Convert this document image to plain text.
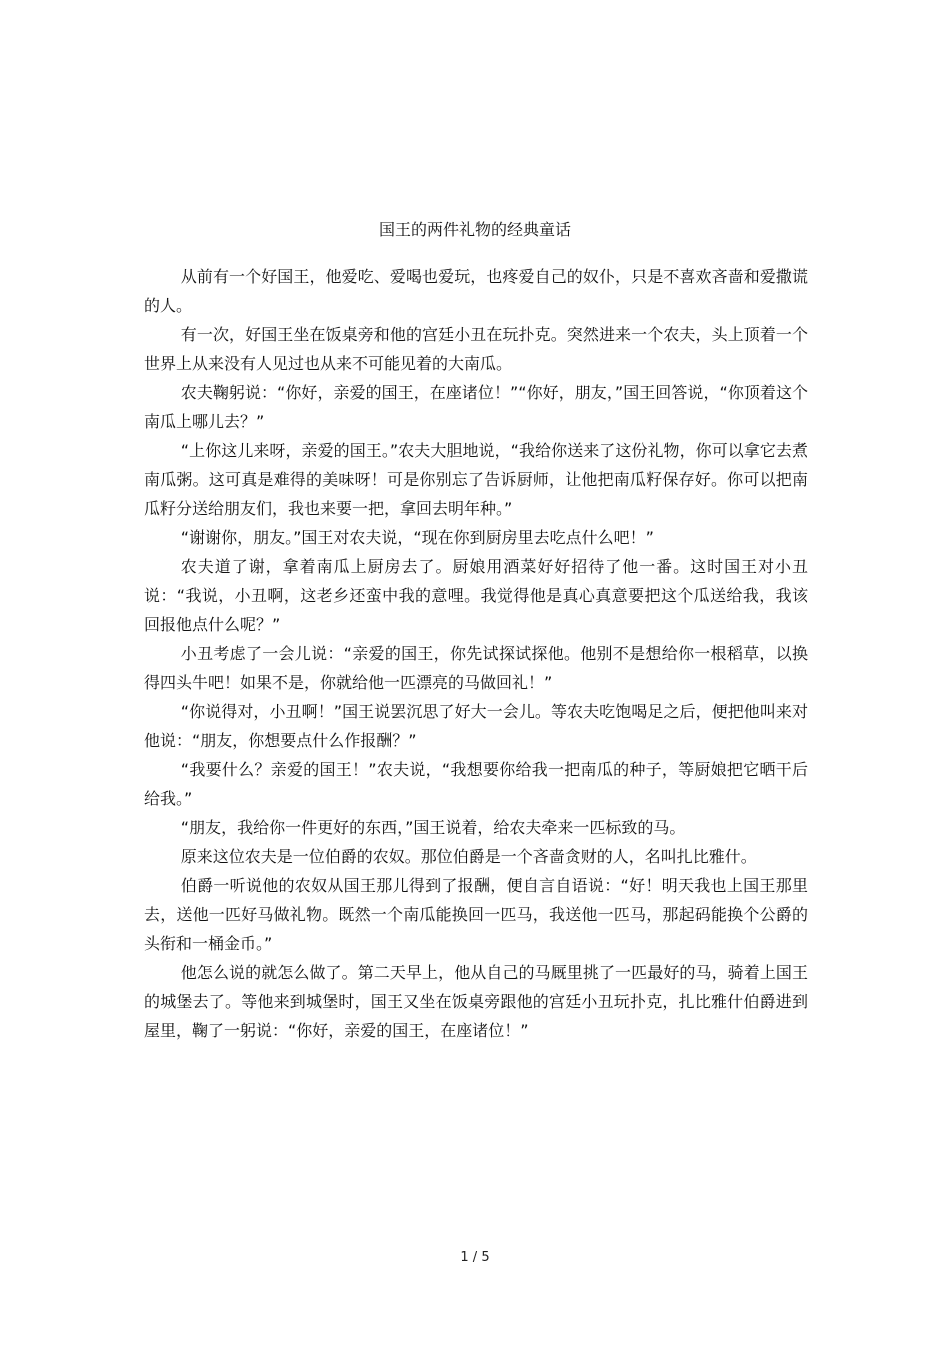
国王的两件礼物的经典童话

从前有一个好国王，他爱吃、爱喝也爱玩，也疼爱自己的奴仆，只是不喜欢吝啬和爱撒谎的人。

有一次，好国王坐在饭桌旁和他的宫廷小丑在玩扑克。突然进来一个农夫，头上顶着一个世界上从来没有人见过也从来不可能见着的大南瓜。

农夫鞠躬说：“你好，亲爱的国王，在座诸位！”“你好，朋友，”国王回答说，“你顶着这个南瓜上哪儿去？”

“上你这儿来呀，亲爱的国王。”农夫大胆地说，“我给你送来了这份礼物，你可以拿它去煮南瓜粥。这可真是难得的美味呀！可是你别忘了告诉厨师，让他把南瓜籽保存好。你可以把南瓜籽分送给朋友们，我也来要一把，拿回去明年种。”

“谢谢你，朋友。”国王对农夫说，“现在你到厨房里去吃点什么吧！”

农夫道了谢，拿着南瓜上厨房去了。厨娘用酒菜好好招待了他一番。这时国王对小丑说：“我说，小丑啊，这老乡还蛮中我的意哩。我觉得他是真心真意要把这个瓜送给我，我该回报他点什么呢？”

小丑考虑了一会儿说：“亲爱的国王，你先试探试探他。他别不是想给你一根稻草，以换得四头牛吧！如果不是，你就给他一匹漂亮的马做回礼！”

“你说得对，小丑啊！”国王说罢沉思了好大一会儿。等农夫吃饱喝足之后，便把他叫来对他说：“朋友，你想要点什么作报酬？”

“我要什么？亲爱的国王！”农夫说，“我想要你给我一把南瓜的种子，等厨娘把它晒干后给我。”

“朋友，我给你一件更好的东西，”国王说着，给农夫牵来一匹标致的马。

原来这位农夫是一位伯爵的农奴。那位伯爵是一个吝啬贪财的人，名叫扎比雅什。

伯爵一听说他的农奴从国王那儿得到了报酬，便自言自语说：“好！明天我也上国王那里去，送他一匹好马做礼物。既然一个南瓜能换回一匹马，我送他一匹马，那起码能换个公爵的头衔和一桶金币。”

他怎么说的就怎么做了。第二天早上，他从自己的马厩里挑了一匹最好的马，骑着上国王的城堡去了。等他来到城堡时，国王又坐在饭桌旁跟他的宫廷小丑玩扑克，扎比雅什伯爵进到屋里，鞠了一躬说：“你好，亲爱的国王，在座诸位！”

1 / 5
